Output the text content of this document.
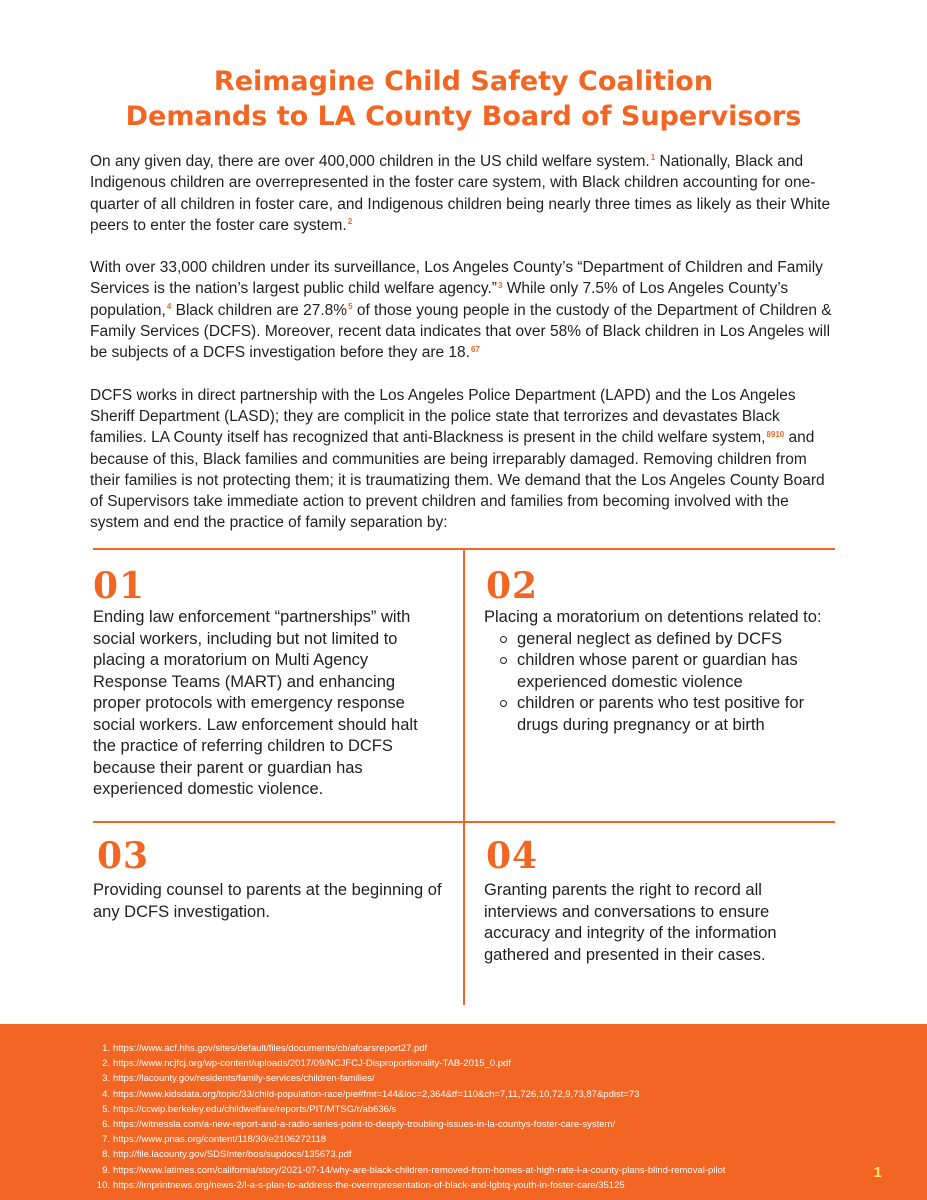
Reimagine Child Safety Coalition
Demands to LA County Board of Supervisors

On any given day, there are over 400,000 children in the US child welfare system.$^1$ Nationally, Black and Indigenous children are overrepresented in the foster care system, with Black children accounting for one-quarter of all children in foster care, and Indigenous children being nearly three times as likely as their White peers to enter the foster care system.$^2$

With over 33,000 children under its surveillance, Los Angeles County’s “Department of Children and Family Services is the nation’s largest public child welfare agency.”$^3$ While only 7.5% of Los Angeles County’s population,$^4$ Black children are 27.8%$^5$ of those young people in the custody of the Department of Children & Family Services (DCFS). Moreover, recent data indicates that over 58% of Black children in Los Angeles will be subjects of a DCFS investigation before they are 18.67

DCFS works in direct partnership with the Los Angeles Police Department (LAPD) and the Los Angeles Sheriff Department (LASD); they are complicit in the police state that terrorizes and devastates Black families. LA County itself has recognized that anti-Blackness is present in the child welfare system,$^{8910}$ and because of this, Black families and communities are being irreparably damaged. Removing children from their families is not protecting them; it is traumatizing them. We demand that the Los Angeles County Board of Supervisors take immediate action to prevent children and families from becoming involved with the system and end the practice of family separation by:

01
Ending law enforcement “partnerships” with social workers, including but not limited to placing a moratorium on Multi Agency Response Teams (MART) and enhancing proper protocols with emergency response social workers. Law enforcement should halt the practice of referring children to DCFS because their parent or guardian has experienced domestic violence.
02
Placing a moratorium on detentions related to:
general neglect as defined by DCFS
children whose parent or guardian has experienced domestic violence
children or parents who test positive for drugs during pregnancy or at birth
03
Providing counsel to parents at the beginning of any DCFS investigation.
04
Granting parents the right to record all interviews and conversations to ensure accuracy and integrity of the information gathered and presented in their cases.
1. https://www.acf.hhs.gov/sites/default/files/documents/cb/afcarsreport27.pdf
2. https://www.ncjfcj.org/wp-content/uploads/2017/09/NCJFCJ-Disproportionality-TAB-2015_0.pdf
3. https://lacounty.gov/residents/family-services/children-families/
4. https://www.kidsdata.org/topic/33/child-population-race/pie#fmt=144&loc=2,364&tf=110&ch=7,11,726,10,72,9,73,87&pdist=73
5. https://ccwip.berkeley.edu/childwelfare/reports/PIT/MTSG/r/ab636/s
6. https://witnessla.com/a-new-report-and-a-radio-series-point-to-deeply-troubling-issues-in-la-countys-foster-care-system/
7. https://www.pnas.org/content/118/30/e2106272118
8. http://file.lacounty.gov/SDSInter/bos/supdocs/135673.pdf
9. https://www.latimes.com/california/story/2021-07-14/why-are-black-children-removed-from-homes-at-high-rate-l-a-county-plans-blind-removal-pilot
10. https://imprintnews.org/news-2/l-a-s-plan-to-address-the-overrepresentation-of-black-and-lgbtq-youth-in-foster-care/35125
1
